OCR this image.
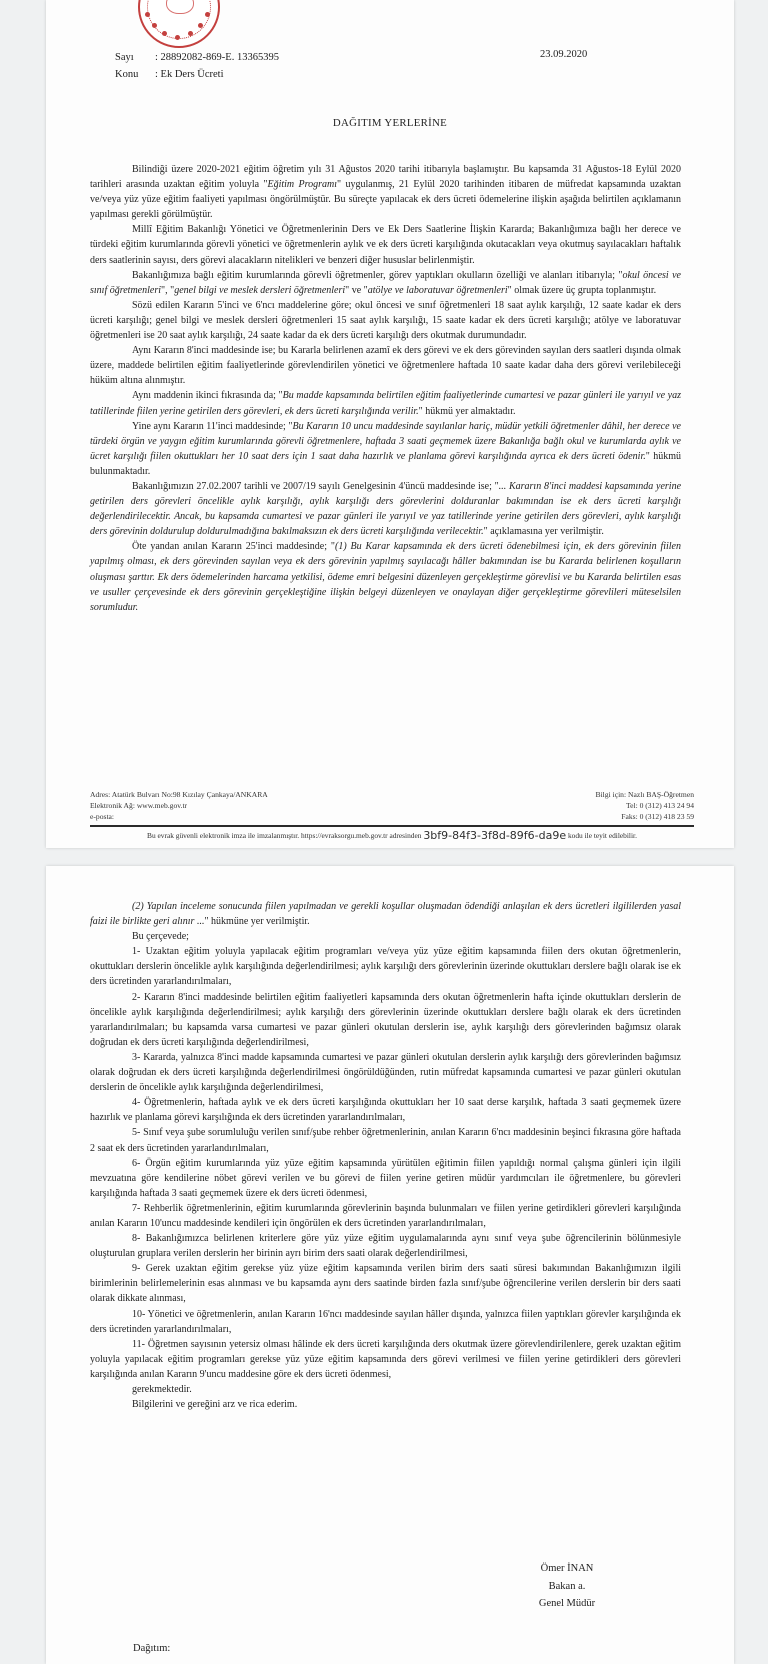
Sayı : 28892082-869-E. 13365395
Konu : Ek Ders Ücreti
23.09.2020
DAĞITIM YERLERİNE

Bilindiği üzere 2020-2021 eğitim öğretim yılı 31 Ağustos 2020 tarihi itibarıyla başlamıştır. Bu kapsamda 31 Ağustos-18 Eylül 2020 tarihleri arasında uzaktan eğitim yoluyla "Eğitim Programı" uygulanmış, 21 Eylül 2020 tarihinden itibaren de müfredat kapsamında uzaktan ve/veya yüz yüze eğitim faaliyeti yapılması öngörülmüştür. Bu süreçte yapılacak ek ders ücreti ödemelerine ilişkin aşağıda belirtilen açıklamanın yapılması gerekli görülmüştür.

Millî Eğitim Bakanlığı Yönetici ve Öğretmenlerinin Ders ve Ek Ders Saatlerine İlişkin Kararda; Bakanlığımıza bağlı her derece ve türdeki eğitim kurumlarında görevli yönetici ve öğretmenlerin aylık ve ek ders ücreti karşılığında okutacakları veya okutmuş sayılacakları haftalık ders saatlerinin sayısı, ders görevi alacakların nitelikleri ve benzeri diğer hususlar belirlenmiştir.

Bakanlığımıza bağlı eğitim kurumlarında görevli öğretmenler, görev yaptıkları okulların özelliği ve alanları itibarıyla; "okul öncesi ve sınıf öğretmenleri", "genel bilgi ve meslek dersleri öğretmenleri" ve "atölye ve laboratuvar öğretmenleri" olmak üzere üç grupta toplanmıştır.

Sözü edilen Kararın 5'inci ve 6'ncı maddelerine göre; okul öncesi ve sınıf öğretmenleri 18 saat aylık karşılığı, 12 saate kadar ek ders ücreti karşılığı; genel bilgi ve meslek dersleri öğretmenleri 15 saat aylık karşılığı, 15 saate kadar ek ders ücreti karşılığı; atölye ve laboratuvar öğretmenleri ise 20 saat aylık karşılığı, 24 saate kadar da ek ders ücreti karşılığı ders okutmak durumundadır.

Aynı Kararın 8'inci maddesinde ise; bu Kararla belirlenen azamî ek ders görevi ve ek ders görevinden sayılan ders saatleri dışında olmak üzere, maddede belirtilen eğitim faaliyetlerinde görevlendirilen yönetici ve öğretmenlere haftada 10 saate kadar daha ders görevi verilebileceği hüküm altına alınmıştır.

Aynı maddenin ikinci fıkrasında da; "Bu madde kapsamında belirtilen eğitim faaliyetlerinde cumartesi ve pazar günleri ile yarıyıl ve yaz tatillerinde fiilen yerine getirilen ders görevleri, ek ders ücreti karşılığında verilir." hükmü yer almaktadır.

Yine aynı Kararın 11'inci maddesinde; "Bu Kararın 10 uncu maddesinde sayılanlar hariç, müdür yetkili öğretmenler dâhil, her derece ve türdeki örgün ve yaygın eğitim kurumlarında görevli öğretmenlere, haftada 3 saati geçmemek üzere Bakanlığa bağlı okul ve kurumlarda aylık ve ücret karşılığı fiilen okuttukları her 10 saat ders için 1 saat daha hazırlık ve planlama görevi karşılığında ayrıca ek ders ücreti ödenir." hükmü bulunmaktadır.

Bakanlığımızın 27.02.2007 tarihli ve 2007/19 sayılı Genelgesinin 4'üncü maddesinde ise; "... Kararın 8'inci maddesi kapsamında yerine getirilen ders görevleri öncelikle aylık karşılığı, aylık karşılığı ders görevlerini dolduranlar bakımından ise ek ders ücreti karşılığı değerlendirilecektir. Ancak, bu kapsamda cumartesi ve pazar günleri ile yarıyıl ve yaz tatillerinde yerine getirilen ders görevleri, aylık karşılığı ders görevinin doldurulup doldurulmadığına bakılmaksızın ek ders ücreti karşılığında verilecektir." açıklamasına yer verilmiştir.

Öte yandan anılan Kararın 25'inci maddesinde; "(1) Bu Karar kapsamında ek ders ücreti ödenebilmesi için, ek ders görevinin fiilen yapılmış olması, ek ders görevinden sayılan veya ek ders görevinin yapılmış sayılacağı hâller bakımından ise bu Kararda belirlenen koşulların oluşması şarttır. Ek ders ödemelerinden harcama yetkilisi, ödeme emri belgesini düzenleyen gerçekleştirme görevlisi ve bu Kararda belirtilen esas ve usuller çerçevesinde ek ders görevinin gerçekleştiğine ilişkin belgeyi düzenleyen ve onaylayan diğer gerçekleştirme görevlileri müteselsilen sorumludur.

Adres: Atatürk Bulvarı No:98 Kızılay Çankaya/ANKARA
Elektronik Ağ: www.meb.gov.tr
e-posta:
Bilgi için: Nazlı BAŞ-Öğretmen
Tel: 0 (312) 413 24 94
Faks: 0 (312) 418 23 59
Bu evrak güvenli elektronik imza ile imzalanmıştır. https://evraksorgu.meb.gov.tr adresinden 3bf9-84f3-3f8d-89f6-da9e kodu ile teyit edilebilir.

(2) Yapılan inceleme sonucunda fiilen yapılmadan ve gerekli koşullar oluşmadan ödendiği anlaşılan ek ders ücretleri ilgililerden yasal faizi ile birlikte geri alınır ..." hükmüne yer verilmiştir.

Bu çerçevede;

1- Uzaktan eğitim yoluyla yapılacak eğitim programları ve/veya yüz yüze eğitim kapsamında fiilen ders okutan öğretmenlerin, okuttukları derslerin öncelikle aylık karşılığında değerlendirilmesi; aylık karşılığı ders görevlerinin üzerinde okuttukları derslere bağlı olarak ise ek ders ücretinden yararlandırılmaları,

2- Kararın 8'inci maddesinde belirtilen eğitim faaliyetleri kapsamında ders okutan öğretmenlerin hafta içinde okuttukları derslerin de öncelikle aylık karşılığında değerlendirilmesi; aylık karşılığı ders görevlerinin üzerinde okuttukları derslere bağlı olarak ek ders ücretinden yararlandırılmaları; bu kapsamda varsa cumartesi ve pazar günleri okutulan derslerin ise, aylık karşılığı ders görevlerinden bağımsız olarak doğrudan ek ders ücreti karşılığında değerlendirilmesi,

3- Kararda, yalnızca 8'inci madde kapsamında cumartesi ve pazar günleri okutulan derslerin aylık karşılığı ders görevlerinden bağımsız olarak doğrudan ek ders ücreti karşılığında değerlendirilmesi öngörüldüğünden, rutin müfredat kapsamında cumartesi ve pazar günleri okutulan derslerin de öncelikle aylık karşılığında değerlendirilmesi,

4- Öğretmenlerin, haftada aylık ve ek ders ücreti karşılığında okuttukları her 10 saat derse karşılık, haftada 3 saati geçmemek üzere hazırlık ve planlama görevi karşılığında ek ders ücretinden yararlandırılmaları,

5- Sınıf veya şube sorumluluğu verilen sınıf/şube rehber öğretmenlerinin, anılan Kararın 6'ncı maddesinin beşinci fıkrasına göre haftada 2 saat ek ders ücretinden yararlandırılmaları,

6- Örgün eğitim kurumlarında yüz yüze eğitim kapsamında yürütülen eğitimin fiilen yapıldığı normal çalışma günleri için ilgili mevzuatına göre kendilerine nöbet görevi verilen ve bu görevi de fiilen yerine getiren müdür yardımcıları ile öğretmenlere, bu görevleri karşılığında haftada 3 saati geçmemek üzere ek ders ücreti ödenmesi,

7- Rehberlik öğretmenlerinin, eğitim kurumlarında görevlerinin başında bulunmaları ve fiilen yerine getirdikleri görevleri karşılığında anılan Kararın 10'uncu maddesinde kendileri için öngörülen ek ders ücretinden yararlandırılmaları,

8- Bakanlığımızca belirlenen kriterlere göre yüz yüze eğitim uygulamalarında aynı sınıf veya şube öğrencilerinin bölünmesiyle oluşturulan gruplara verilen derslerin her birinin ayrı birim ders saati olarak değerlendirilmesi,

9- Gerek uzaktan eğitim gerekse yüz yüze eğitim kapsamında verilen birim ders saati süresi bakımından Bakanlığımızın ilgili birimlerinin belirlemelerinin esas alınması ve bu kapsamda aynı ders saatinde birden fazla sınıf/şube öğrencilerine verilen derslerin bir ders saati olarak dikkate alınması,

10- Yönetici ve öğretmenlerin, anılan Kararın 16'ncı maddesinde sayılan hâller dışında, yalnızca fiilen yaptıkları görevler karşılığında ek ders ücretinden yararlandırılmaları,

11- Öğretmen sayısının yetersiz olması hâlinde ek ders ücreti karşılığında ders okutmak üzere görevlendirilenlere, gerek uzaktan eğitim yoluyla yapılacak eğitim programları gerekse yüz yüze eğitim kapsamında ders görevi verilmesi ve fiilen yerine getirdikleri ders görevleri karşılığında anılan Kararın 9'uncu maddesine göre ek ders ücreti ödenmesi,

gerekmektedir.

Bilgilerini ve gereğini arz ve rica ederim.

Ömer İNAN
Bakan a.
Genel Müdür
Dağıtım:
